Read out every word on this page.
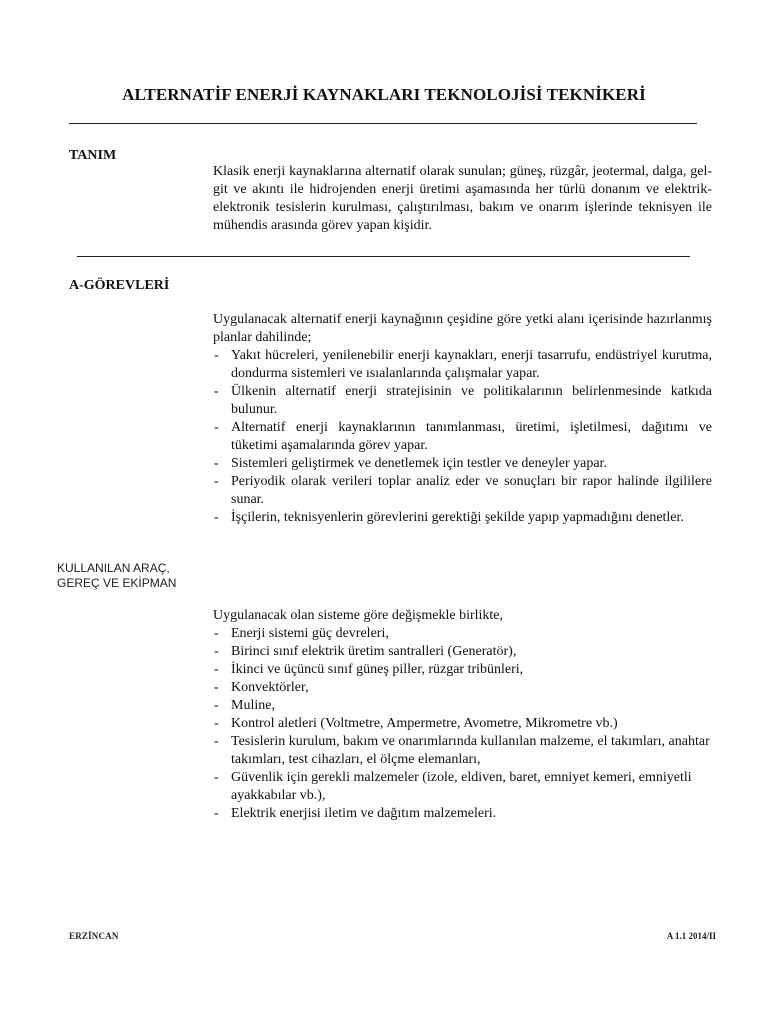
ALTERNATİF ENERJİ KAYNAKLARI TEKNOLOJİSİ TEKNİKERİ
TANIM
Klasik enerji kaynaklarına alternatif olarak sunulan; güneş, rüzgâr, jeotermal, dalga, gel-git ve akıntı ile hidrojenden enerji üretimi aşamasında her türlü donanım ve elektrik- elektronik tesislerin kurulması, çalıştırılması, bakım ve onarım işlerinde teknisyen ile mühendis arasında görev yapan kişidir.
A-GÖREVLERİ

Uygulanacak alternatif enerji kaynağının çeşidine göre yetki alanı içerisinde hazırlanmış planlar dahilinde;

- Yakıt hücreleri, yenilenebilir enerji kaynakları, enerji tasarrufu, endüstriyel kurutma, dondurma sistemleri ve ısıalanlarında çalışmalar yapar.
- Ülkenin alternatif enerji stratejisinin ve politikalarının belirlenmesinde katkıda bulunur.
- Alternatif enerji kaynaklarının tanımlanması, üretimi, işletilmesi, dağıtımı ve tüketimi aşamalarında görev yapar.
- Sistemleri geliştirmek ve denetlemek için testler ve deneyler yapar.
- Periyodik olarak verileri toplar analiz eder ve sonuçları bir rapor halinde ilgililere sunar.
- İşçilerin, teknisyenlerin görevlerini gerektiği şekilde yapıp yapmadığını denetler.
KULLANILAN ARAÇ,
GEREÇ VE EKİPMAN

Uygulanacak olan sisteme göre değişmekle birlikte,

- Enerji sistemi güç devreleri,
- Birinci sınıf elektrik üretim santralleri (Generatör),
- İkinci ve üçüncü sınıf güneş piller, rüzgar tribünleri,
- Konvektörler,
- Muline,
- Kontrol aletleri (Voltmetre, Ampermetre, Avometre, Mikrometre vb.)
- Tesislerin kurulum, bakım ve onarımlarında kullanılan malzeme, el takımları, anahtar takımları, test cihazları, el ölçme elemanları,
- Güvenlik için gerekli malzemeler (izole, eldiven, baret, emniyet kemeri, emniyetli ayakkabılar vb.),
- Elektrik enerjisi iletim ve dağıtım malzemeleri.
ERZİNCAN	A 1.1 2014/II
